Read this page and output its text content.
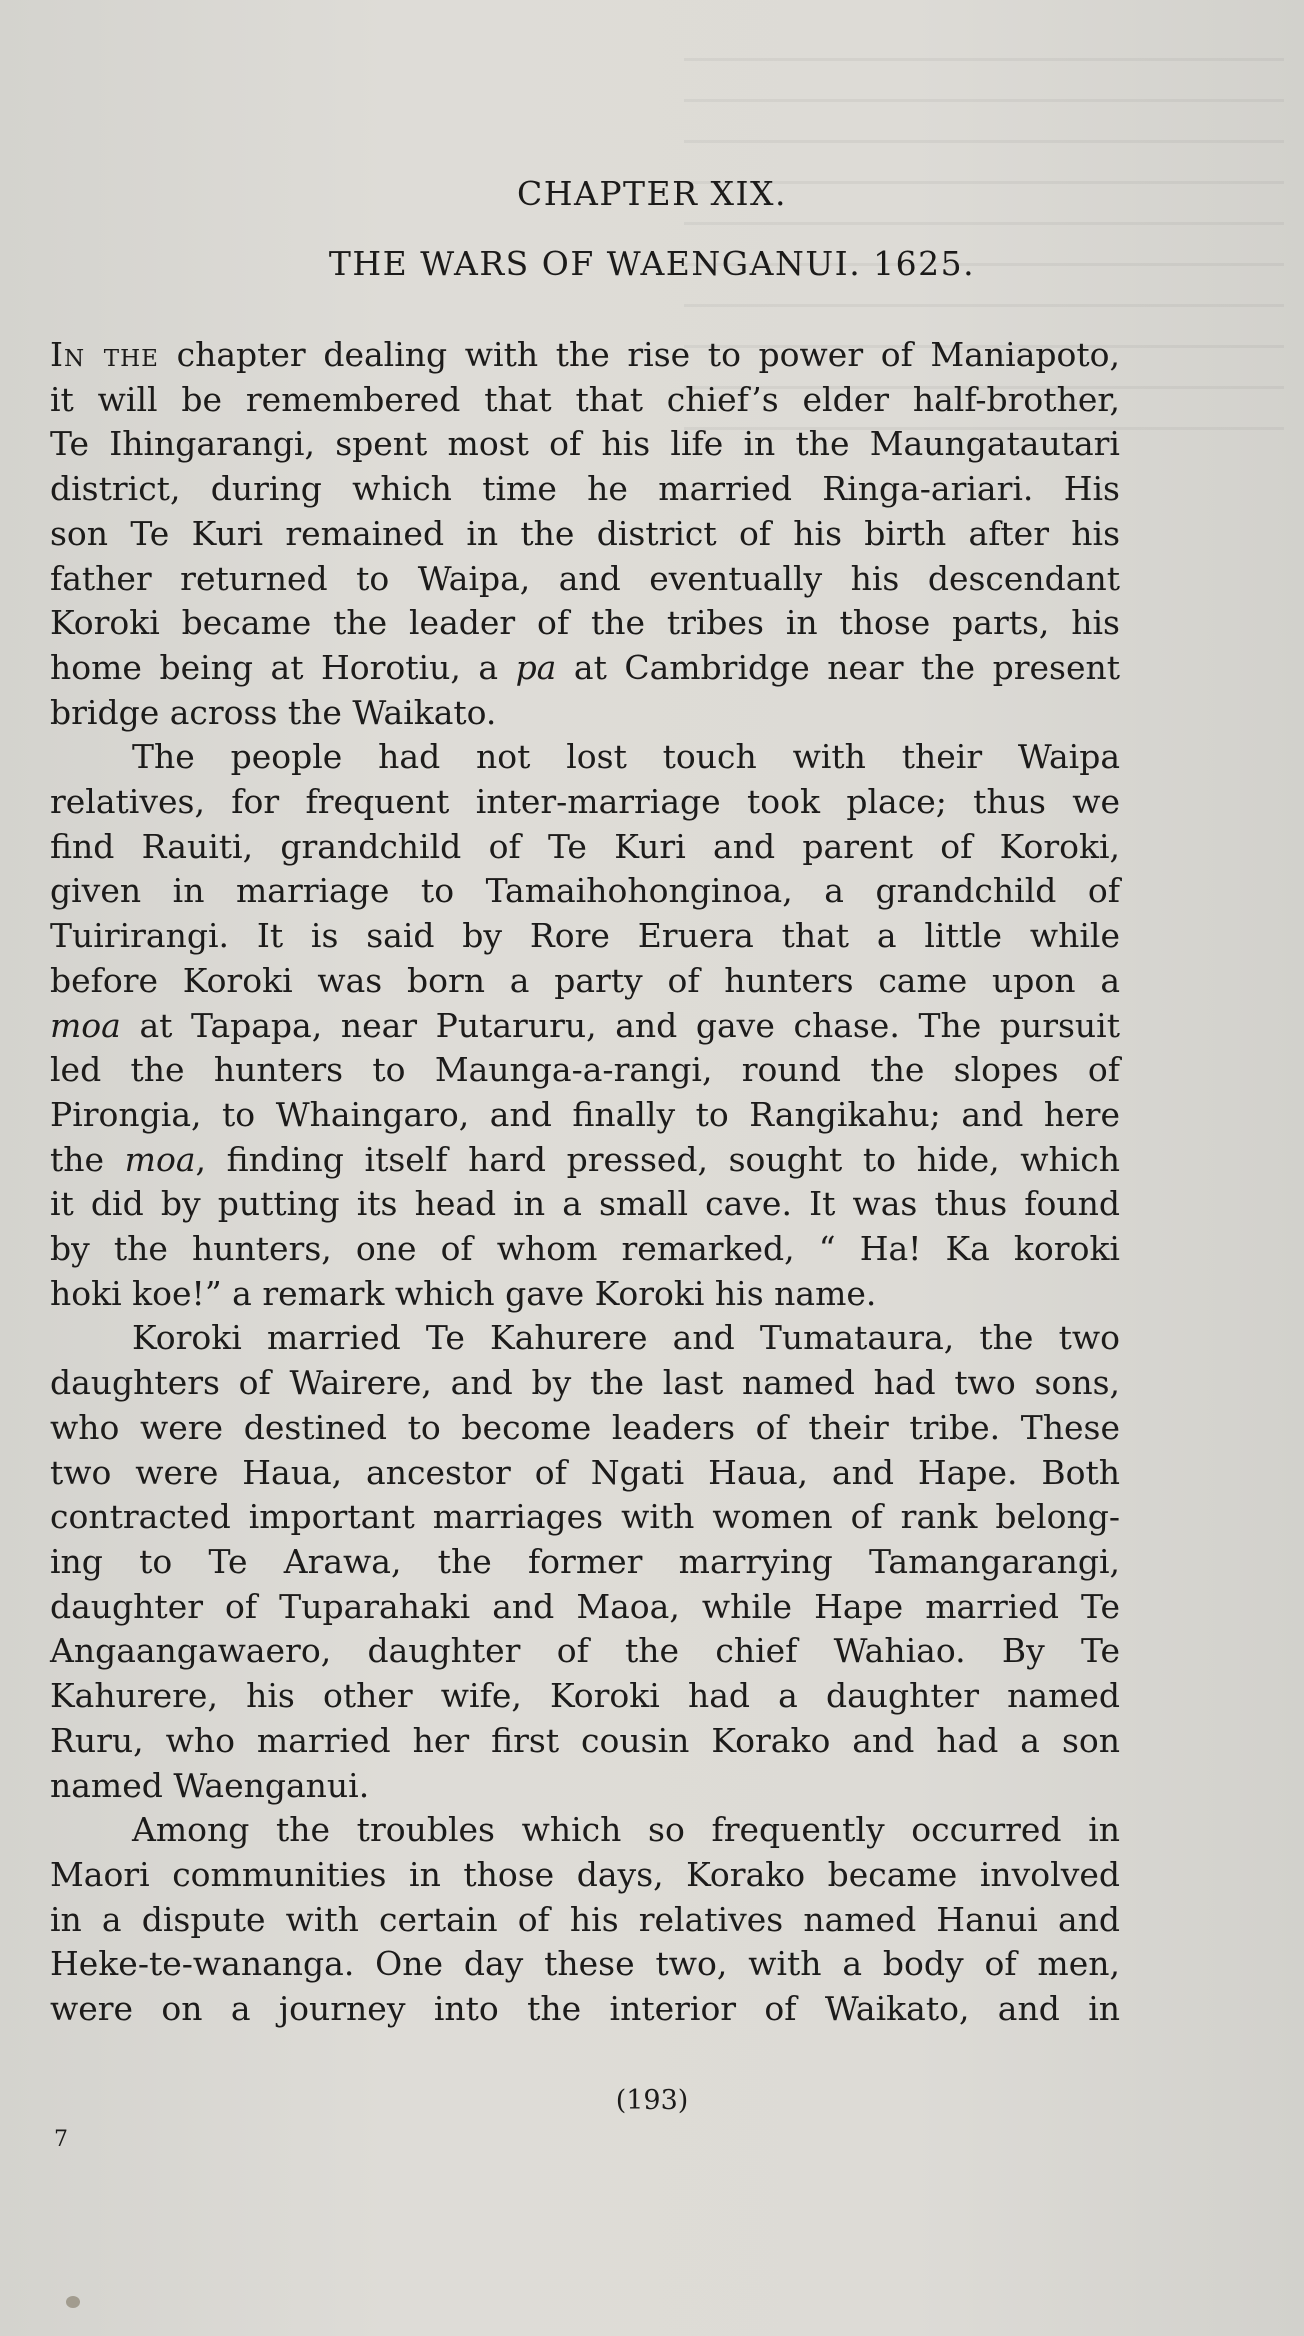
CHAPTER XIX.
THE WARS OF WAENGANUI. 1625.
In the chapter dealing with the rise to power of Maniapoto,
it will be remembered that that chief’s elder half-brother,
Te Ihingarangi, spent most of his life in the Maungatautari
district, during which time he married Ringa-ariari. His
son Te Kuri remained in the district of his birth after his
father returned to Waipa, and eventually his descendant
Koroki became the leader of the tribes in those parts, his
home being at Horotiu, a pa at Cambridge near the present
bridge across the Waikato.
The people had not lost touch with their Waipa
relatives, for frequent inter-marriage took place; thus we
find Rauiti, grandchild of Te Kuri and parent of Koroki,
given in marriage to Tamaihohonginoa, a grandchild of
Tuirirangi. It is said by Rore Eruera that a little while
before Koroki was born a party of hunters came upon a
moa at Tapapa, near Putaruru, and gave chase. The pursuit
led the hunters to Maunga-a-rangi, round the slopes of
Pirongia, to Whaingaro, and finally to Rangikahu; and here
the moa, finding itself hard pressed, sought to hide, which
it did by putting its head in a small cave. It was thus found
by the hunters, one of whom remarked, “ Ha! Ka koroki
hoki koe!” a remark which gave Koroki his name.
Koroki married Te Kahurere and Tumataura, the two
daughters of Wairere, and by the last named had two sons,
who were destined to become leaders of their tribe. These
two were Haua, ancestor of Ngati Haua, and Hape. Both
contracted important marriages with women of rank belong-
ing to Te Arawa, the former marrying Tamangarangi,
daughter of Tuparahaki and Maoa, while Hape married Te
Angaangawaero, daughter of the chief Wahiao. By Te
Kahurere, his other wife, Koroki had a daughter named
Ruru, who married her first cousin Korako and had a son
named Waenganui.
Among the troubles which so frequently occurred in
Maori communities in those days, Korako became involved
in a dispute with certain of his relatives named Hanui and
Heke-te-wananga. One day these two, with a body of men,
were on a journey into the interior of Waikato, and in
(193)
7
